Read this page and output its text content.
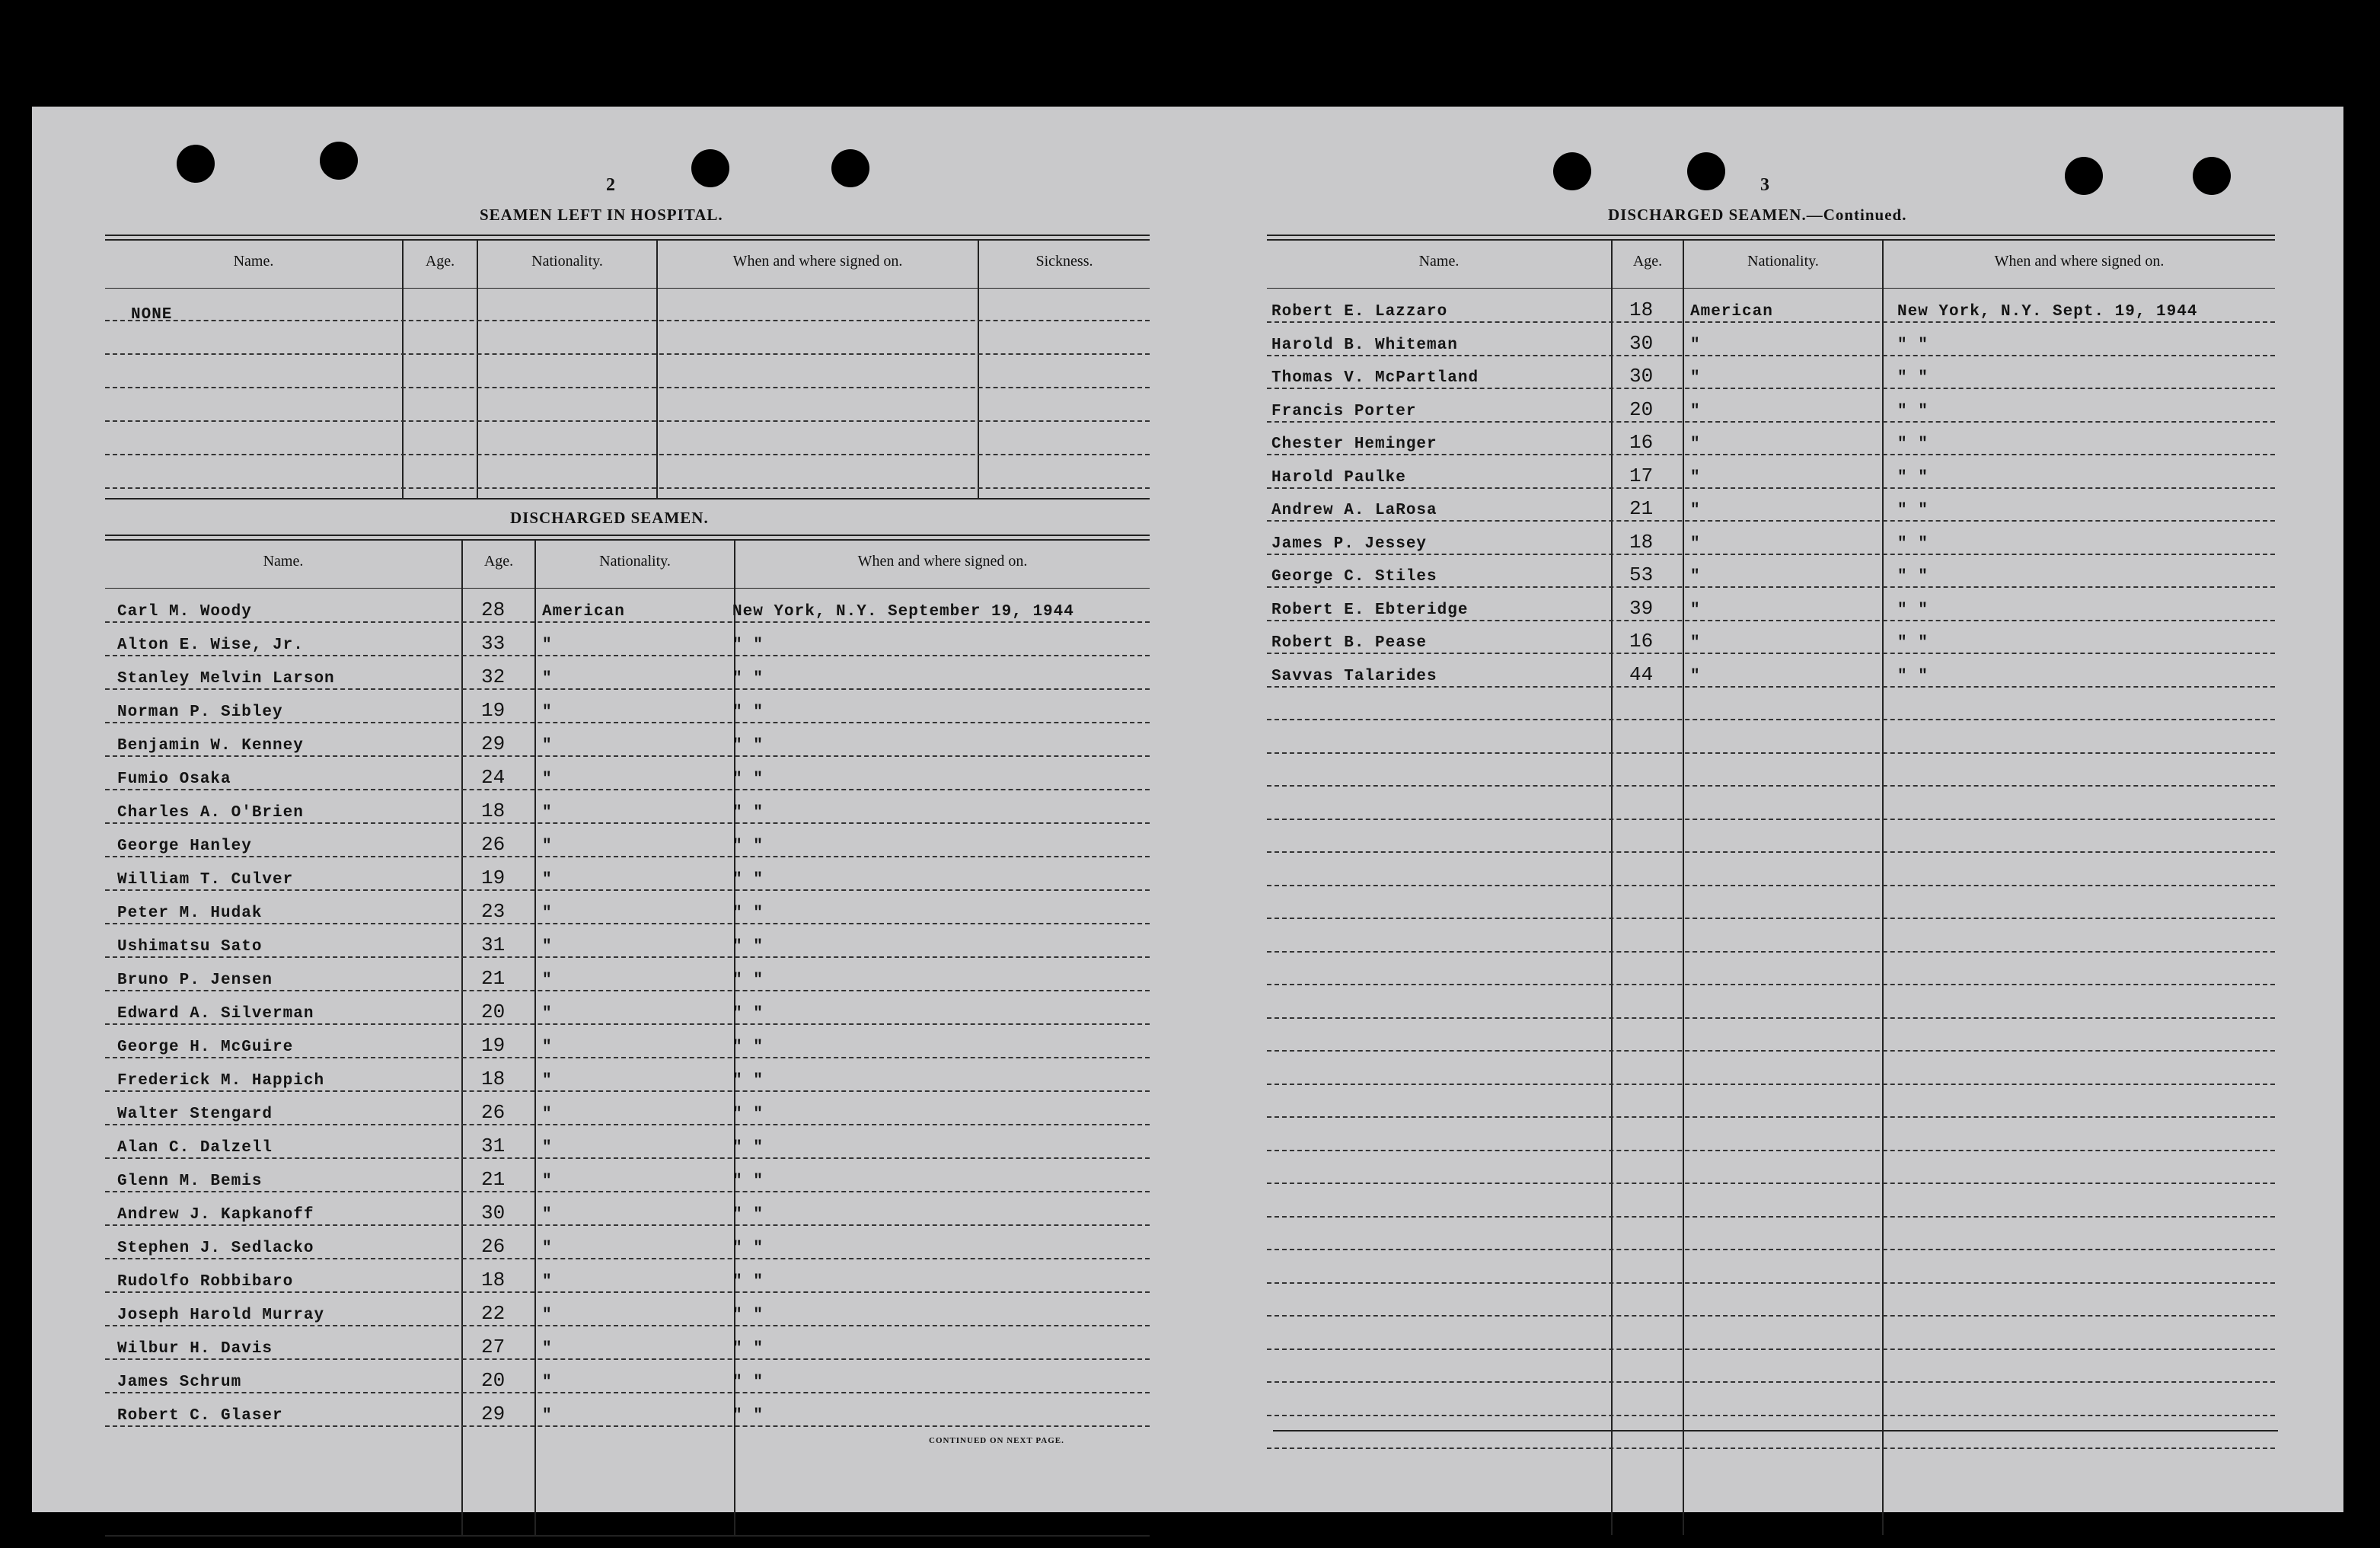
2
SEAMEN LEFT IN HOSPITAL.
Name.	Age.	Nationality.	When and where signed on.	Sickness.
NONE
DISCHARGED SEAMEN.
Name.	Age.	Nationality.	When and where signed on.
Carl M. Woody	28 American	New York, N.Y. September 19, 1944
Alton E. Wise, Jr.	33 "	" "
Stanley Melvin Larson	32 "	" "
Norman P. Sibley	19 "	" "
Benjamin W. Kenney	29 "	" "
Fumio Osaka	24 "	" "
Charles A. O'Brien	18 "	" "
George Hanley	26 "	" "
William T. Culver	19 "	" "
Peter M. Hudak	23 "	" "
Ushimatsu Sato	31 "	" "
Bruno P. Jensen	21 "	" "
Edward A. Silverman	20 "	" "
George H. McGuire	19 "	" "
Frederick M. Happich	18 "	" "
Walter Stengard	26 "	" "
Alan C. Dalzell	31 "	" "
Glenn M. Bemis	21 "	" "
Andrew J. Kapkanoff	30 "	" "
Stephen J. Sedlacko	26 "	" "
Rudolfo Robbibaro	18 "	" "
Joseph Harold Murray	22 "	" "
Wilbur H. Davis	27 "	" "
James Schrum	20 "	" "
Robert C. Glaser	29 "	" "
CONTINUED ON NEXT PAGE.
3
DISCHARGED SEAMEN.—Continued.
Name.	Age.	Nationality.	When and where signed on.
Robert E. Lazzaro	18 American	New York, N.Y. Sept. 19, 1944
Harold B. Whiteman	30 "	" "
Thomas V. McPartland	30 "	" "
Francis Porter	20 "	" "
Chester Heminger	16 "	" "
Harold Paulke	17 "	" "
Andrew A. LaRosa	21 "	" "
James P. Jessey	18 "	" "
George C. Stiles	53 "	" "
Robert E. Ebteridge	39 "	" "
Robert B. Pease	16 "	" "
Savvas Talarides	44 "	" "
